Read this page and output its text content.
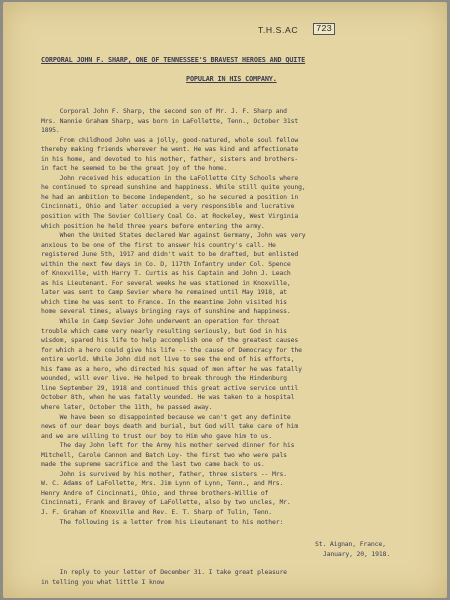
T.H.S.AC	723
CORPORAL JOHN F. SHARP, ONE OF TENNESSEE'S BRAVEST HEROES AND QUITE
POPULAR IN HIS COMPANY.
Corporal John F. Sharp, the second son of Mr. J. F. Sharp and
Mrs. Nannie Graham Sharp, was born in LaFollette, Tenn., October 31st
1895.
From childhood John was a jolly, good-natured, whole soul fellow
thereby making friends wherever he went. He was kind and affectionate
in his home, and devoted to his mother, father, sisters and brothers-
in fact he seemed to be the great joy of the home.
John received his education in the LaFollette City Schools where
he continued to spread sunshine and happiness. While still quite young,
he had an ambition to become independent, so he secured a position in
Cincinnati, Ohio and later occupied a very responsible and lucrative
position with The Sovier Colliery Coal Co. at Rockeley, West Virginia
which position he held three years before entering the army.
When the United States declared War against Germany, John was very
anxious to be one of the first to answer his country's call. He
registered June 5th, 1917 and didn't wait to be drafted, but enlisted
within the next few days in Co. D, 117th Infantry under Col. Spence
of Knoxville, with Harry T. Curtis as his Captain and John J. Leach
as his Lieutenant. For several weeks he was stationed in Knoxville,
later was sent to Camp Sevier where he remained until May 1918, at
which time he was sent to France. In the meantime John visited his
home several times, always bringing rays of sunshine and happiness.
While in Camp Sevier John underwent an operation for throat
trouble which came very nearly resulting seriously, but God in his
wisdom, spared his life to help accomplish one of the greatest causes
for which a hero could give his life -- the cause of Democracy for the
entire world. While John did not live to see the end of his efforts,
his fame as a hero, who directed his squad of men after he was fatally
wounded, will ever live. He helped to break through the Hindenburg
line September 29, 1918 and continued this great active service until
October 8th, when he was fatally wounded. He was taken to a hospital
where later, October the 11th, he passed away.
We have been so disappointed because we can't get any definite
news of our dear boys death and burial, but God will take care of him
and we are willing to trust our boy to Him who gave him to us.
The day John left for the Army his mother served dinner for his
Mitchell, Carole Cannon and Batch Loy- the first two who were pals
made the supreme sacrifice and the last two came back to us.
John is survived by his mother, father, three sisters -- Mrs.
W. C. Adams of LaFollette, Mrs. Jim Lynn of Lynn, Tenn., and Mrs.
Henry Andre of Cincinnati, Ohio, and three brothers-Willie of
Cincinnati, Frank and Bravey of LaFollette, also by two uncles, Mr.
J. F. Graham of Knoxville and Rev. E. T. Sharp of Tulin, Tenn.
The following is a letter from his Lieutenant to his mother:
St. Aignan, France,
January, 20, 1918.
In reply to your letter of December 31. I take great pleasure
in telling you what little I know
